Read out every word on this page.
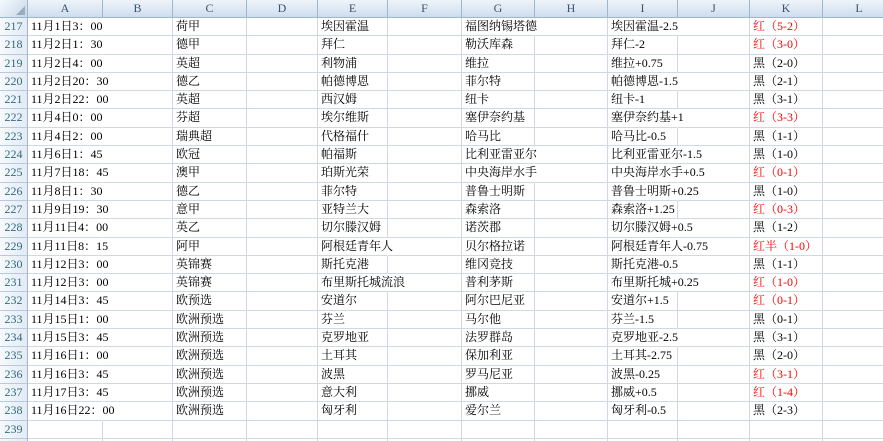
A	B	C	D	E	F	G	H	I	J	K	L
217 11月1日3：00	荷甲	埃因霍温	福图纳锡塔德	埃因霍温-2.5	红（5-2）
218 11月2日1：30	德甲	拜仁	勒沃库森	拜仁-2	红（3-0）
219 11月2日4：00	英超	利物浦	维拉	维拉+0.75	黑（2-0）
220 11月2日20：30	德乙	帕德博恩	菲尔特	帕德博恩-1.5	黑（2-1）
221 11月2日22：00	英超	西汉姆	纽卡	纽卡-1	黑（3-1）
222 11月4日0：00	芬超	埃尔维斯	塞伊奈约基	塞伊奈约基+1	红（3-3）
223 11月4日2：00	瑞典超	代格福什	哈马比	哈马比-0.5	黑（1-1）
224 11月6日1：45	欧冠	帕福斯	比利亚雷亚尔	比利亚雷亚尔-1.5	黑（1-0）
225 11月7日18：45	澳甲	珀斯光荣	中央海岸水手	中央海岸水手+0.5	红（0-1）
226 11月8日1：30	德乙	菲尔特	普鲁士明斯	普鲁士明斯+0.25	黑（1-0）
227 11月9日19：30	意甲	亚特兰大	森索洛	森索洛+1.25	红（0-3）
228 11月11日4：00	英乙	切尔滕汉姆	诺茨郡	切尔滕汉姆+0.5	黑（1-2）
229 11月11日8：15	阿甲	阿根廷青年人	贝尔格拉诺	阿根廷青年人-0.75	红半（1-0）
230 11月12日3：00	英锦赛	斯托克港	维冈竞技	斯托克港-0.5	黑（1-1）
231 11月12日3：00	英锦赛	布里斯托城流浪	普利茅斯	布里斯托城+0.25	红（1-0）
232 11月14日3：45	欧预选	安道尔	阿尔巴尼亚	安道尔+1.5	红（0-1）
233 11月15日1：00	欧洲预选	芬兰	马尔他	芬兰-1.5	黑（0-1）
234 11月15日3：45	欧洲预选	克罗地亚	法罗群岛	克罗地亚-2.5	黑（3-1）
235 11月16日1：00	欧洲预选	土耳其	保加利亚	土耳其-2.75	黑（2-0）
236 11月16日3：45	欧洲预选	波黑	罗马尼亚	波黑-0.25	红（3-1）
237 11月17日3：45	欧洲预选	意大利	挪威	挪威+0.5	红（1-4）
238 11月16日22：00	欧洲预选	匈牙利	爱尔兰	匈牙利-0.5	黑（2-3）
239
